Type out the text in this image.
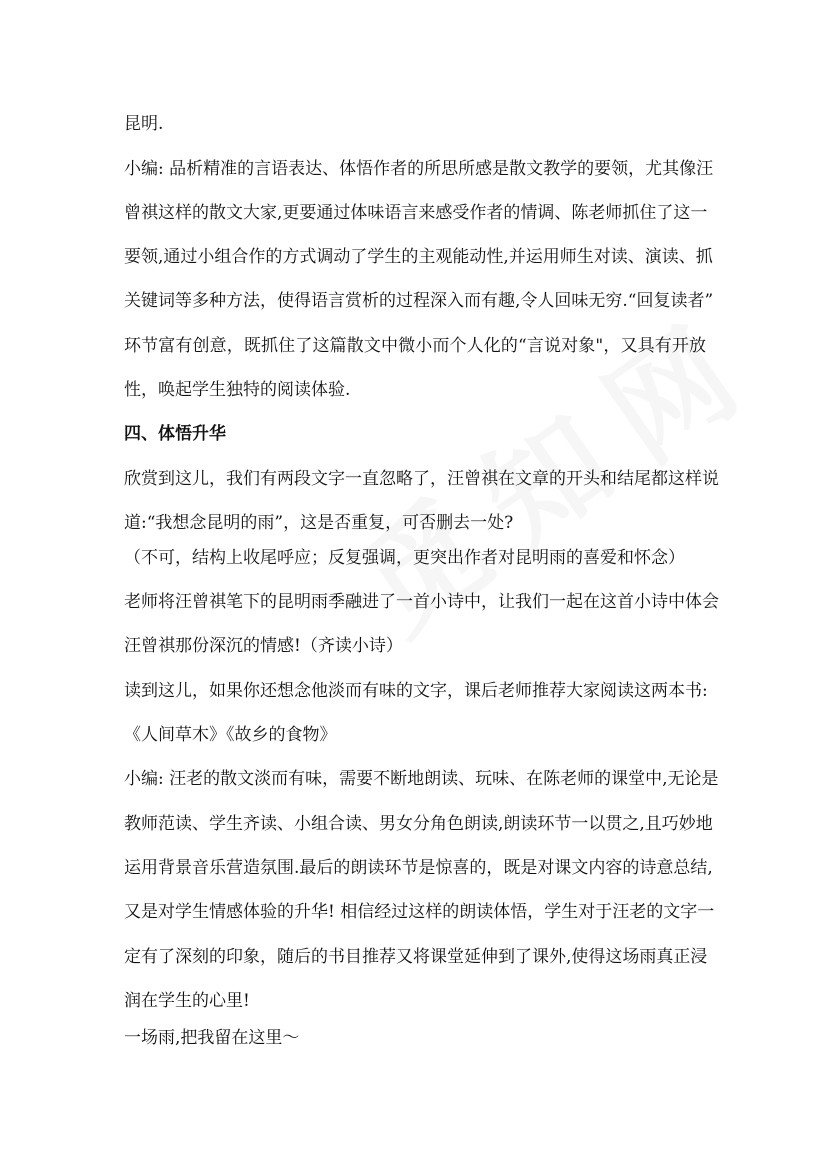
昆明.
小编: 品析精准的言语表达、体悟作者的所思所感是散文教学的要领，尤其像汪
曾祺这样的散文大家,更要通过体味语言来感受作者的情调、陈老师抓住了这一
要领,通过小组合作的方式调动了学生的主观能动性,并运用师生对读、演读、抓
关键词等多种方法，使得语言赏析的过程深入而有趣,令人回味无穷.“回复读者”
环节富有创意，既抓住了这篇散文中微小而个人化的“言说对象"，又具有开放
性，唤起学生独特的阅读体验.
四、体悟升华
欣赏到这儿，我们有两段文字一直忽略了，汪曾祺在文章的开头和结尾都这样说
道:“我想念昆明的雨”，这是否重复，可否删去一处?
（不可，结构上收尾呼应；反复强调，更突出作者对昆明雨的喜爱和怀念）
老师将汪曾祺笔下的昆明雨季融进了一首小诗中，让我们一起在这首小诗中体会
汪曾祺那份深沉的情感!（齐读小诗）
读到这儿，如果你还想念他淡而有味的文字，课后老师推荐大家阅读这两本书:
《人间草木》《故乡的食物》
小编: 汪老的散文淡而有味，需要不断地朗读、玩味、在陈老师的课堂中,无论是
教师范读、学生齐读、小组合读、男女分角色朗读,朗读环节一以贯之,且巧妙地
运用背景音乐营造氛围.最后的朗读环节是惊喜的，既是对课文内容的诗意总结,
又是对学生情感体验的升华! 相信经过这样的朗读体悟，学生对于汪老的文字一
定有了深刻的印象，随后的书目推荐又将课堂延伸到了课外,使得这场雨真正浸
润在学生的心里!
一场雨,把我留在这里～
